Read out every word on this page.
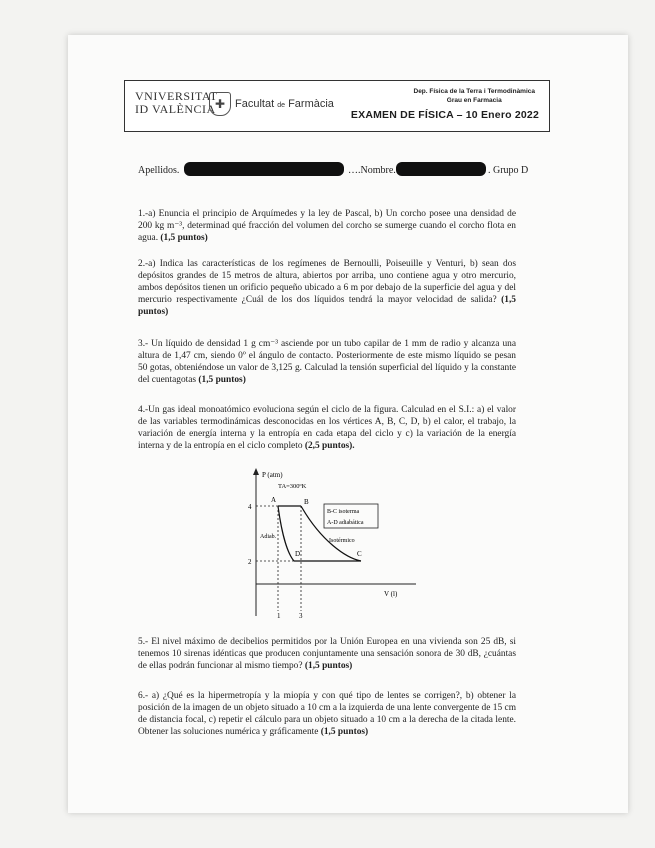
VNIVERSITAT
ID VALÈNCIA ✚ Facultat de Farmàcia
Dep. Física de la Terra i Termodinàmica
Grau en Farmacia
EXAMEN DE FÍSICA – 10 Enero 2022
Apellidos.	….Nombre.	. Grupo D

1.-a) Enuncia el principio de Arquímedes y la ley de Pascal, b) Un corcho posee una densidad de 200 kg m⁻³, determinad qué fracción del volumen del corcho se sumerge cuando el corcho flota en agua. (1,5 puntos)

2.-a) Indica las características de los regímenes de Bernoulli, Poiseuille y Venturi, b) sean dos depósitos grandes de 15 metros de altura, abiertos por arriba, uno contiene agua y otro mercurio, ambos depósitos tienen un orificio pequeño ubicado a 6 m por debajo de la superficie del agua y del mercurio respectivamente ¿Cuál de los dos líquidos tendrá la mayor velocidad de salida? (1,5 puntos)

3.- Un líquido de densidad 1 g cm⁻³ asciende por un tubo capilar de 1 mm de radio y alcanza una altura de 1,47 cm, siendo 0º el ángulo de contacto. Posteriormente de este mismo líquido se pesan 50 gotas, obteniéndose un valor de 3,125 g. Calculad la tensión superficial del líquido y la constante del cuentagotas (1,5 puntos)

4.-Un gas ideal monoatómico evoluciona según el ciclo de la figura. Calculad en el S.I.: a) el valor de las variables termodinámicas desconocidas en los vértices A, B, C, D, b) el calor, el trabajo, la variación de energía interna y la entropía en cada etapa del ciclo y c) la variación de la energía interna y de la entropía en el ciclo completo (2,5 puntos).

P (atm)
V (l)
TA=300ºK
4
2
1	3
A	B
C
D
B-C isoterma
A-D adiabática
Adiab.
Isotérmico

5.- El nivel máximo de decibelios permitidos por la Unión Europea en una vivienda son 25 dB, si tenemos 10 sirenas idénticas que producen conjuntamente una sensación sonora de 30 dB, ¿cuántas de ellas podrán funcionar al mismo tiempo? (1,5 puntos)

6.- a) ¿Qué es la hipermetropía y la miopía y con qué tipo de lentes se corrigen?, b) obtener la posición de la imagen de un objeto situado a 10 cm a la izquierda de una lente convergente de 15 cm de distancia focal, c) repetir el cálculo para un objeto situado a 10 cm a la derecha de la citada lente. Obtener las soluciones numérica y gráficamente (1,5 puntos)
